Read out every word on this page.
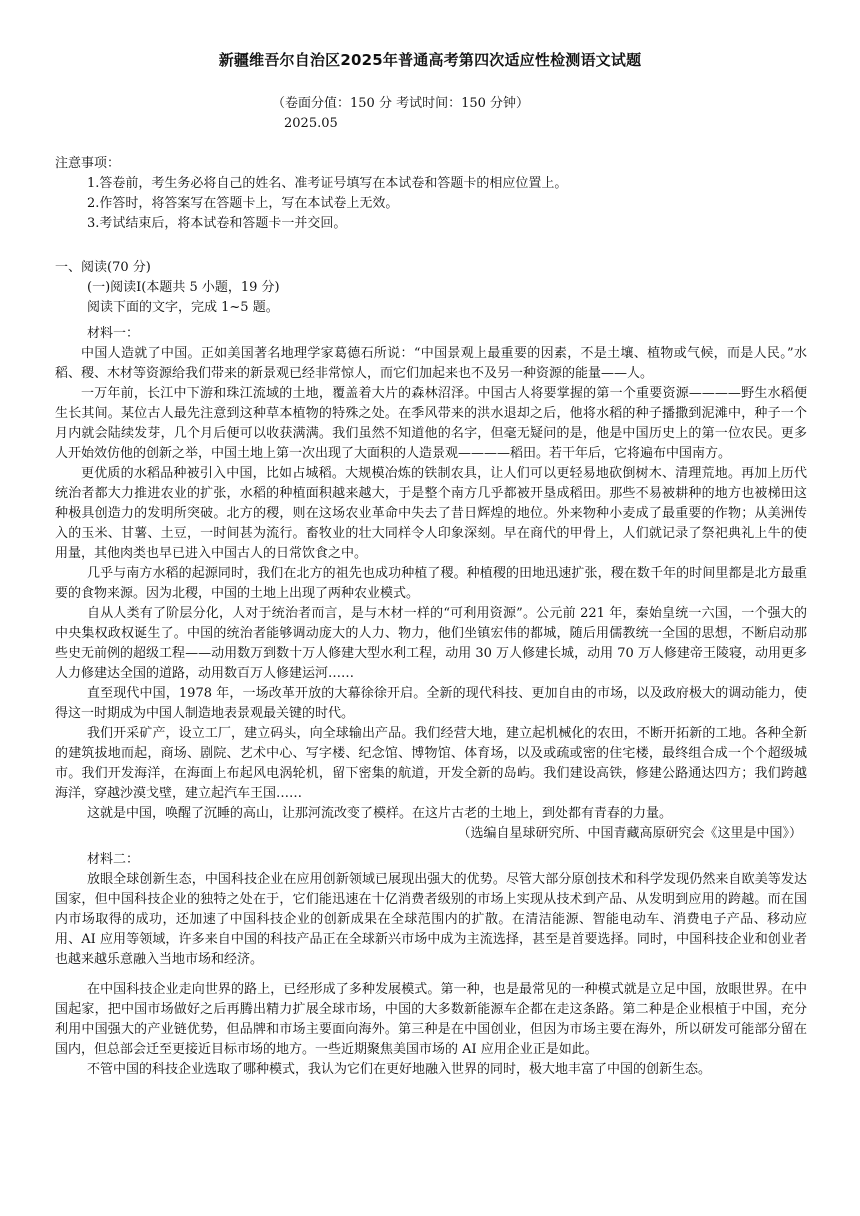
新疆维吾尔自治区2025年普通高考第四次适应性检测语文试题
（卷面分值：150 分 考试时间：150 分钟）
2025.05

注意事项：

1.答卷前，考生务必将自己的姓名、准考证号填写在本试卷和答题卡的相应位置上。

2.作答时，将答案写在答题卡上，写在本试卷上无效。

3.考试结束后，将本试卷和答题卡一并交回。

一、阅读(70 分)

(一)阅读Ⅰ(本题共 5 小题，19 分)

阅读下面的文字，完成 1~5 题。

材料一：

中国人造就了中国。正如美国著名地理学家葛德石所说：“中国景观上最重要的因素，不是土壤、植物或气候，而是人民。”水稻、稷、木材等资源给我们带来的新景观已经非常惊人，而它们加起来也不及另一种资源的能量——人。

一万年前，长江中下游和珠江流域的土地，覆盖着大片的森林沼泽。中国古人将要掌握的第一个重要资源————野生水稻便生长其间。某位古人最先注意到这种草本植物的特殊之处。在季风带来的洪水退却之后，他将水稻的种子播撒到泥滩中，种子一个月内就会陆续发芽，几个月后便可以收获满满。我们虽然不知道他的名字，但毫无疑问的是，他是中国历史上的第一位农民。更多人开始效仿他的创新之举，中国土地上第一次出现了大面积的人造景观————稻田。若干年后，它将遍布中国南方。

更优质的水稻品种被引入中国，比如占城稻。大规模冶炼的铁制农具，让人们可以更轻易地砍倒树木、清理荒地。再加上历代统治者都大力推进农业的扩张，水稻的种植面积越来越大，于是整个南方几乎都被开垦成稻田。那些不易被耕种的地方也被梯田这种极具创造力的发明所突破。北方的稷，则在这场农业革命中失去了昔日辉煌的地位。外来物种小麦成了最重要的作物；从美洲传入的玉米、甘薯、土豆，一时间甚为流行。畜牧业的壮大同样令人印象深刻。早在商代的甲骨上，人们就记录了祭祀典礼上牛的使用量，其他肉类也早已进入中国古人的日常饮食之中。

几乎与南方水稻的起源同时，我们在北方的祖先也成功种植了稷。种植稷的田地迅速扩张，稷在数千年的时间里都是北方最重要的食物来源。因为北稷，中国的土地上出现了两种农业模式。

自从人类有了阶层分化，人对于统治者而言，是与木材一样的“可利用资源”。公元前 221 年，秦始皇统一六国，一个强大的中央集权政权诞生了。中国的统治者能够调动庞大的人力、物力，他们坐镇宏伟的都城，随后用儒教统一全国的思想，不断启动那些史无前例的超级工程——动用数万到数十万人修建大型水利工程，动用 30 万人修建长城，动用 70 万人修建帝王陵寝，动用更多人力修建达全国的道路，动用数百万人修建运河……

直至现代中国，1978 年，一场改革开放的大幕徐徐开启。全新的现代科技、更加自由的市场，以及政府极大的调动能力，使得这一时期成为中国人制造地表景观最关键的时代。

我们开采矿产，设立工厂，建立码头，向全球输出产品。我们经营大地，建立起机械化的农田，不断开拓新的工地。各种全新的建筑拔地而起，商场、剧院、艺术中心、写字楼、纪念馆、博物馆、体育场，以及或疏或密的住宅楼，最终组合成一个个超级城市。我们开发海洋，在海面上布起风电涡轮机，留下密集的航道，开发全新的岛屿。我们建设高铁，修建公路通达四方；我们跨越海洋，穿越沙漠戈壁，建立起汽车王国……

这就是中国，唤醒了沉睡的高山，让那河流改变了模样。在这片古老的土地上，到处都有青春的力量。

（选编自星球研究所、中国青藏高原研究会《这里是中国》）

材料二：

放眼全球创新生态，中国科技企业在应用创新领域已展现出强大的优势。尽管大部分原创技术和科学发现仍然来自欧美等发达国家，但中国科技企业的独特之处在于，它们能迅速在十亿消费者级别的市场上实现从技术到产品、从发明到应用的跨越。而在国内市场取得的成功，还加速了中国科技企业的创新成果在全球范围内的扩散。在清洁能源、智能电动车、消费电子产品、移动应用、AI 应用等领域，许多来自中国的科技产品正在全球新兴市场中成为主流选择，甚至是首要选择。同时，中国科技企业和创业者也越来越乐意融入当地市场和经济。

在中国科技企业走向世界的路上，已经形成了多种发展模式。第一种，也是最常见的一种模式就是立足中国，放眼世界。在中国起家，把中国市场做好之后再腾出精力扩展全球市场，中国的大多数新能源车企都在走这条路。第二种是企业根植于中国，充分利用中国强大的产业链优势，但品牌和市场主要面向海外。第三种是在中国创业，但因为市场主要在海外，所以研发可能部分留在国内，但总部会迁至更接近目标市场的地方。一些近期聚焦美国市场的 AI 应用企业正是如此。

不管中国的科技企业选取了哪种模式，我认为它们在更好地融入世界的同时，极大地丰富了中国的创新生态。
